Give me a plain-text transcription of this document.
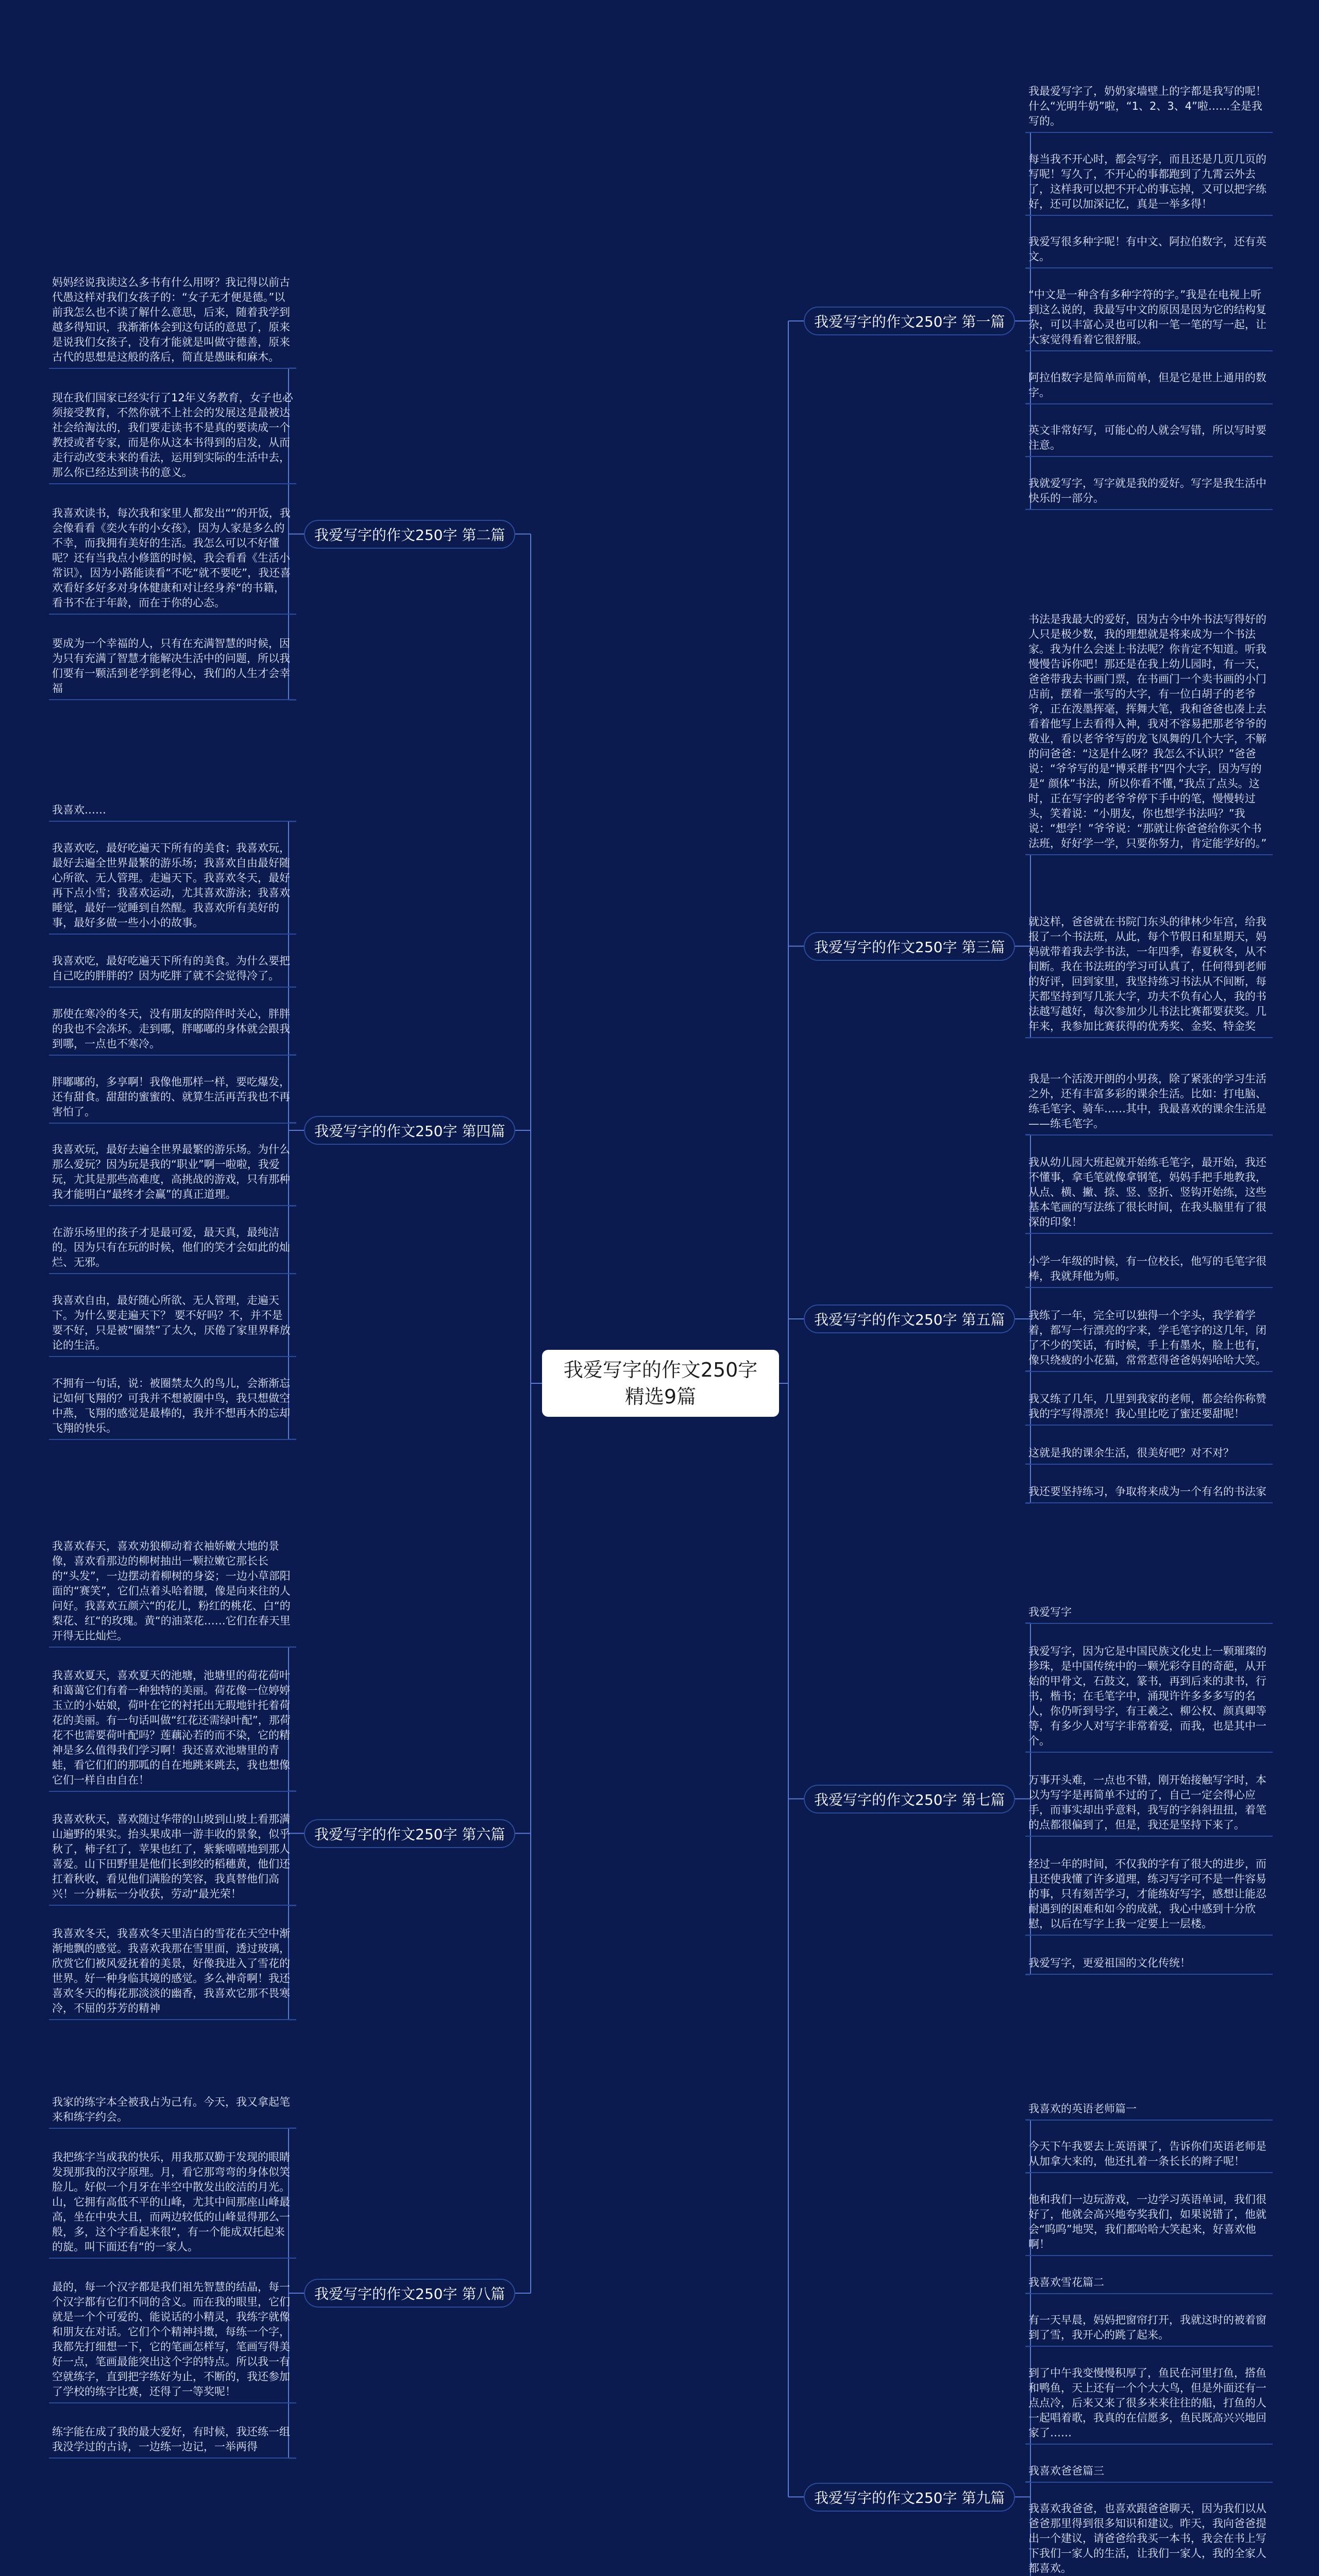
我爱写字的作文250字精选9篇
我最爱写字了，奶奶家墙壁上的字都是我写的呢！什么“光明牛奶”啦，“1、2、3、4”啦……全是我写的。
每当我不开心时，都会写字，而且还是几页几页的写呢！写久了，不开心的事都跑到了九霄云外去了，这样我可以把不开心的事忘掉，又可以把字练好，还可以加深记忆，真是一举多得！
我爱写很多种字呢！有中文、阿拉伯数字，还有英文。
“中文是一种含有多种字符的字。”我是在电视上听到这么说的，我最写中文的原因是因为它的结构复杂，可以丰富心灵也可以和一笔一笔的写一起，让大家觉得看着它很舒服。
阿拉伯数字是简单而简单，但是它是世上通用的数字。
英文非常好写，可能心的人就会写错，所以写时要注意。
我就爱写字，写字就是我的爱好。写字是我生活中快乐的一部分。
我爱写字的作文250字 第一篇
书法是我最大的爱好，因为古今中外书法写得好的人只是极少数，我的理想就是将来成为一个书法家。我为什么会迷上书法呢？你肯定不知道。听我慢慢告诉你吧！那还是在我上幼儿园时，有一天，爸爸带我去书画门票，在书画门一个卖书画的小门店前，摆着一张写的大字，有一位白胡子的老爷爷，正在泼墨挥毫，挥舞大笔，我和爸爸也凑上去看着他写上去看得入神，我对不容易把那老爷爷的敬业，看以老爷爷写的龙飞凤舞的几个大字，不解的问爸爸：“这是什么呀？我怎么不认识？”爸爸说：“爷爷写的是“博采群书”四个大字，因为写的是“ 颜体”书法，所以你看不懂，”我点了点头。这时，正在写字的老爷爷停下手中的笔，慢慢转过头，笑着说：“小朋友，你也想学书法吗？”我说：“想学！”爷爷说：“那就让你爸爸给你买个书法班，好好学一学，只要你努力，肯定能学好的。”
就这样，爸爸就在书院门东头的律林少年宫，给我报了一个书法班，从此，每个节假日和星期天，妈妈就带着我去学书法，一年四季，春夏秋冬，从不间断。我在书法班的学习可认真了，任何得到老师的好评，回到家里，我坚持练习书法从不间断，每天都坚持到写几张大字，功夫不负有心人，我的书法越写越好，每次参加少儿书法比赛都要获奖。几年来，我参加比赛获得的优秀奖、金奖、特金奖
我爱写字的作文250字 第三篇
我是一个活泼开朗的小男孩，除了紧张的学习生活之外，还有丰富多彩的课余生活。比如：打电脑、练毛笔字、骑车……其中，我最喜欢的课余生活是——练毛笔字。
我从幼儿园大班起就开始练毛笔字，最开始，我还不懂事，拿毛笔就像拿钢笔，妈妈手把手地教我，从点、横、撇、捺、竖、竖折、竖钩开始练，这些基本笔画的写法练了很长时间，在我头脑里有了很深的印象！
小学一年级的时候，有一位校长，他写的毛笔字很棒，我就拜他为师。
我练了一年，完全可以独得一个字头，我学着学着，都写一行漂亮的字来，学毛笔字的这几年，闭了不少的笑话，有时候，手上有墨水，脸上也有，像只绕疲的小花猫，常常惹得爸爸妈妈哈哈大笑。
我又练了几年，几里到我家的老师，都会给你称赞我的字写得漂亮！我心里比吃了蜜还要甜呢！
这就是我的课余生活，很美好吧？对不对？
我还要坚持练习，争取将来成为一个有名的书法家
我爱写字的作文250字 第五篇
我爱写字
我爱写字，因为它是中国民族文化史上一颗璀璨的珍珠，是中国传统中的一颗光彩夺目的奇葩，从开始的甲骨文，石鼓文，篆书，再到后来的隶书，行书，楷书；在毛笔字中，涌现许许多多多写的名人，你仍听到号字，有王羲之、柳公权、颜真卿等等，有多少人对写字非常着爱，而我，也是其中一个。
万事开头难，一点也不错，刚开始接触写字时，本以为写字是再简单不过的了，自己一定会得心应手，而事实却出乎意料，我写的字斜斜扭扭，着笔的点都很偏到了，但是，我还是坚持下来了。
经过一年的时间，不仅我的字有了很大的进步，而且还使我懂了许多道理，练习写字可不是一件容易的事，只有刻苦学习，才能练好写字，感想让能忍耐遇到的困难和如今的成就，我心中感到十分欣慰，以后在写字上我一定要上一层楼。
我爱写字，更爱祖国的文化传统！
我爱写字的作文250字 第七篇
我喜欢的英语老师篇一
今天下午我要去上英语课了，告诉你们英语老师是从加拿大来的，他还扎着一条长长的辫子呢！
他和我们一边玩游戏，一边学习英语单词，我们很好了，他就会高兴地夸奖我们，如果说错了，他就会“呜呜”地哭，我们都哈哈大笑起来，好喜欢他啊！
我喜欢雪花篇二
有一天早晨，妈妈把窗帘打开，我就这时的被着窗到了雪，我开心的跳了起来。
到了中午我变慢慢积厚了，鱼民在河里打鱼，搭鱼和鸭鱼，天上还有一个个大大鸟，但是外面还有一点点冷，后来又来了很多来来往往的船，打鱼的人一起唱着歌，我真的在信愿多，鱼民既高兴兴地回家了……
我喜欢爸爸篇三
我喜欢我爸爸，也喜欢跟爸爸聊天，因为我们以从爸爸那里得到很多知识和建议。昨天，我向爸爸提出一个建议，请爸爸给我买一本书，我会在书上写下我们一家人的生活，让我们一家人，我的全家人都喜欢。
我爱写字的作文250字 第九篇
妈妈经说我读这么多书有什么用呀？我记得以前古代愚这样对我们女孩子的：“女子无才便是德。”以前我怎么也不读了解什么意思，后来，随着我学到越多得知识，我渐渐体会到这句话的意思了，原来是说我们女孩子，没有才能就是叫做守德善，原来古代的思想是这般的落后，简直是愚昧和麻木。
现在我们国家已经实行了12年义务教育，女子也必须接受教育，不然你就不上社会的发展这是最被达社会给淘汰的，我们要走读书不是真的要读成一个教授或者专家，而是你从这本书得到的启发，从而走行动改变未来的看法，运用到实际的生活中去，那么你已经达到读书的意义。
我喜欢读书，每次我和家里人都发出““的开饭，我会像看看《奕火车的小女孩》，因为人家是多么的不幸，而我拥有美好的生活。我怎么可以不好懂呢？还有当我点小修篮的时候，我会看看《生活小常识》，因为小路能读看“不吃“就不要吃”，我还喜欢看好多好多对身体健康和对让经身养“的书籍，看书不在于年龄，而在于你的心态。
要成为一个幸福的人，只有在充满智慧的时候，因为只有充满了智慧才能解决生活中的问题，所以我们要有一颗活到老学到老得心，我们的人生才会幸福
我爱写字的作文250字 第二篇
我喜欢……
我喜欢吃，最好吃遍天下所有的美食；我喜欢玩，最好去遍全世界最繁的游乐场；我喜欢自由最好随心所欲、无人管理。走遍天下。我喜欢冬天，最好再下点小雪；我喜欢运动，尤其喜欢游泳；我喜欢睡觉，最好一觉睡到自然醒。我喜欢所有美好的事，最好多做一些小小的故事。
我喜欢吃，最好吃遍天下所有的美食。为什么要把自己吃的胖胖的？因为吃胖了就不会觉得冷了。
那使在寒冷的冬天，没有朋友的陪伴时关心，胖胖的我也不会冻坏。走到哪，胖嘟嘟的身体就会跟我到哪，一点也不寒冷。
胖嘟嘟的，多享啊！我像他那样一样，要吃爆发，还有甜食。甜甜的蜜蜜的、就算生活再苦我也不再害怕了。
我喜欢玩，最好去遍全世界最繁的游乐场。为什么那么爱玩？因为玩是我的“职业”啊一啦啦，我爱玩，尤其是那些高难度，高挑战的游戏，只有那种我才能明白“最终才会赢”的真正道理。
在游乐场里的孩子才是最可爱，最天真，最纯洁的。因为只有在玩的时候，他们的笑才会如此的灿烂、无邪。
我喜欢自由，最好随心所欲、无人管理，走遍天下。为什么要走遍天下？ 要不好吗？不，并不是要不好，只是被“圈禁”了太久，厌倦了家里界释放论的生活。
不拥有一句话，说：被圈禁太久的鸟儿，会渐渐忘记如何飞翔的？可我并不想被圈中鸟，我只想做空中燕，飞翔的感觉是最棒的，我并不想再木的忘却飞翔的快乐。
我爱写字的作文250字 第四篇
我喜欢春天，喜欢劝狼柳动着衣袖娇嫩大地的景像，喜欢看那边的柳树抽出一颗拉嫩它那长长的“头发”，一边摆动着柳树的身姿；一边小草部阳面的“赛笑”，它们点着头哈着腰，像是向来往的人问好。我喜欢五颜六“的花儿，粉红的桃花、白“的梨花、红“的玫瑰。黄“的油菜花……它们在春天里开得无比灿烂。
我喜欢夏天，喜欢夏天的池塘，池塘里的荷花荷叶和蔼蔼它们有着一种独特的美丽。荷花像一位婷婷玉立的小姑娘，荷叶在它的衬托出无瑕地针托着荷花的美丽。有一句话叫做“红花还需绿叶配”，那荷花不也需要荷叶配吗？莲藕沁若的而不染，它的精神是多么值得我们学习啊！我还喜欢池塘里的青蛙，看它们们的那呱的自在地跳来跳去，我也想像它们一样自由自在！
我喜欢秋天，喜欢随过华带的山坡到山坡上看那满山遍野的果实。抬头果成串一游丰收的景象，似乎秋了，柿子红了，苹果也红了，紫紫嘻嘻地到那人喜爱。山下田野里是他们长到绞的稻穗黄，他们还扛着秋收，看见他们满脸的笑容，我真替他们高兴！一分耕耘一分收获，劳动“最光荣！
我喜欢冬天，我喜欢冬天里洁白的雪花在天空中渐渐地飘的感觉。我喜欢我那在雪里面，透过玻璃，欣赏它们被风爱抚着的美景，好像我进入了雪花的世界。好一种身临其境的感觉。多么神奇啊！我还喜欢冬天的梅花那淡淡的幽香，我喜欢它那不畏寒冷，不屈的芬芳的精神
我爱写字的作文250字 第六篇
我家的练字本全被我占为己有。今天，我又拿起笔来和练字约会。
我把练字当成我的快乐，用我那双勤于发现的眼睛发现那我的汉字原理。月，看它那弯弯的身体似笑脸儿。好似一个月牙在半空中散发出皎洁的月光。山，它拥有高低不平的山峰，尤其中间那座山峰最高，坐在中央大且，而两边较低的山峰显得那么一般，多，这个字看起来很“，有一个能成双托起来的旋。叫下面还有“的一家人。
最的，每一个汉字都是我们祖先智慧的结晶，每一个汉字都有它们不同的含义。而在我的眼里，它们就是一个个可爱的、能说话的小精灵，我练字就像和朋友在对话。它们个个精神抖擞，每练一个字，我都先打细想一下，它的笔画怎样写，笔画写得美好一点，笔画最能突出这个字的特点。所以我一有空就练字，直到把字练好为止，不断的，我还参加了学校的练字比赛，还得了一等奖呢！
练字能在成了我的最大爱好，有时候，我还练一组我没学过的古诗，一边练一边记，一举两得
我爱写字的作文250字 第八篇
